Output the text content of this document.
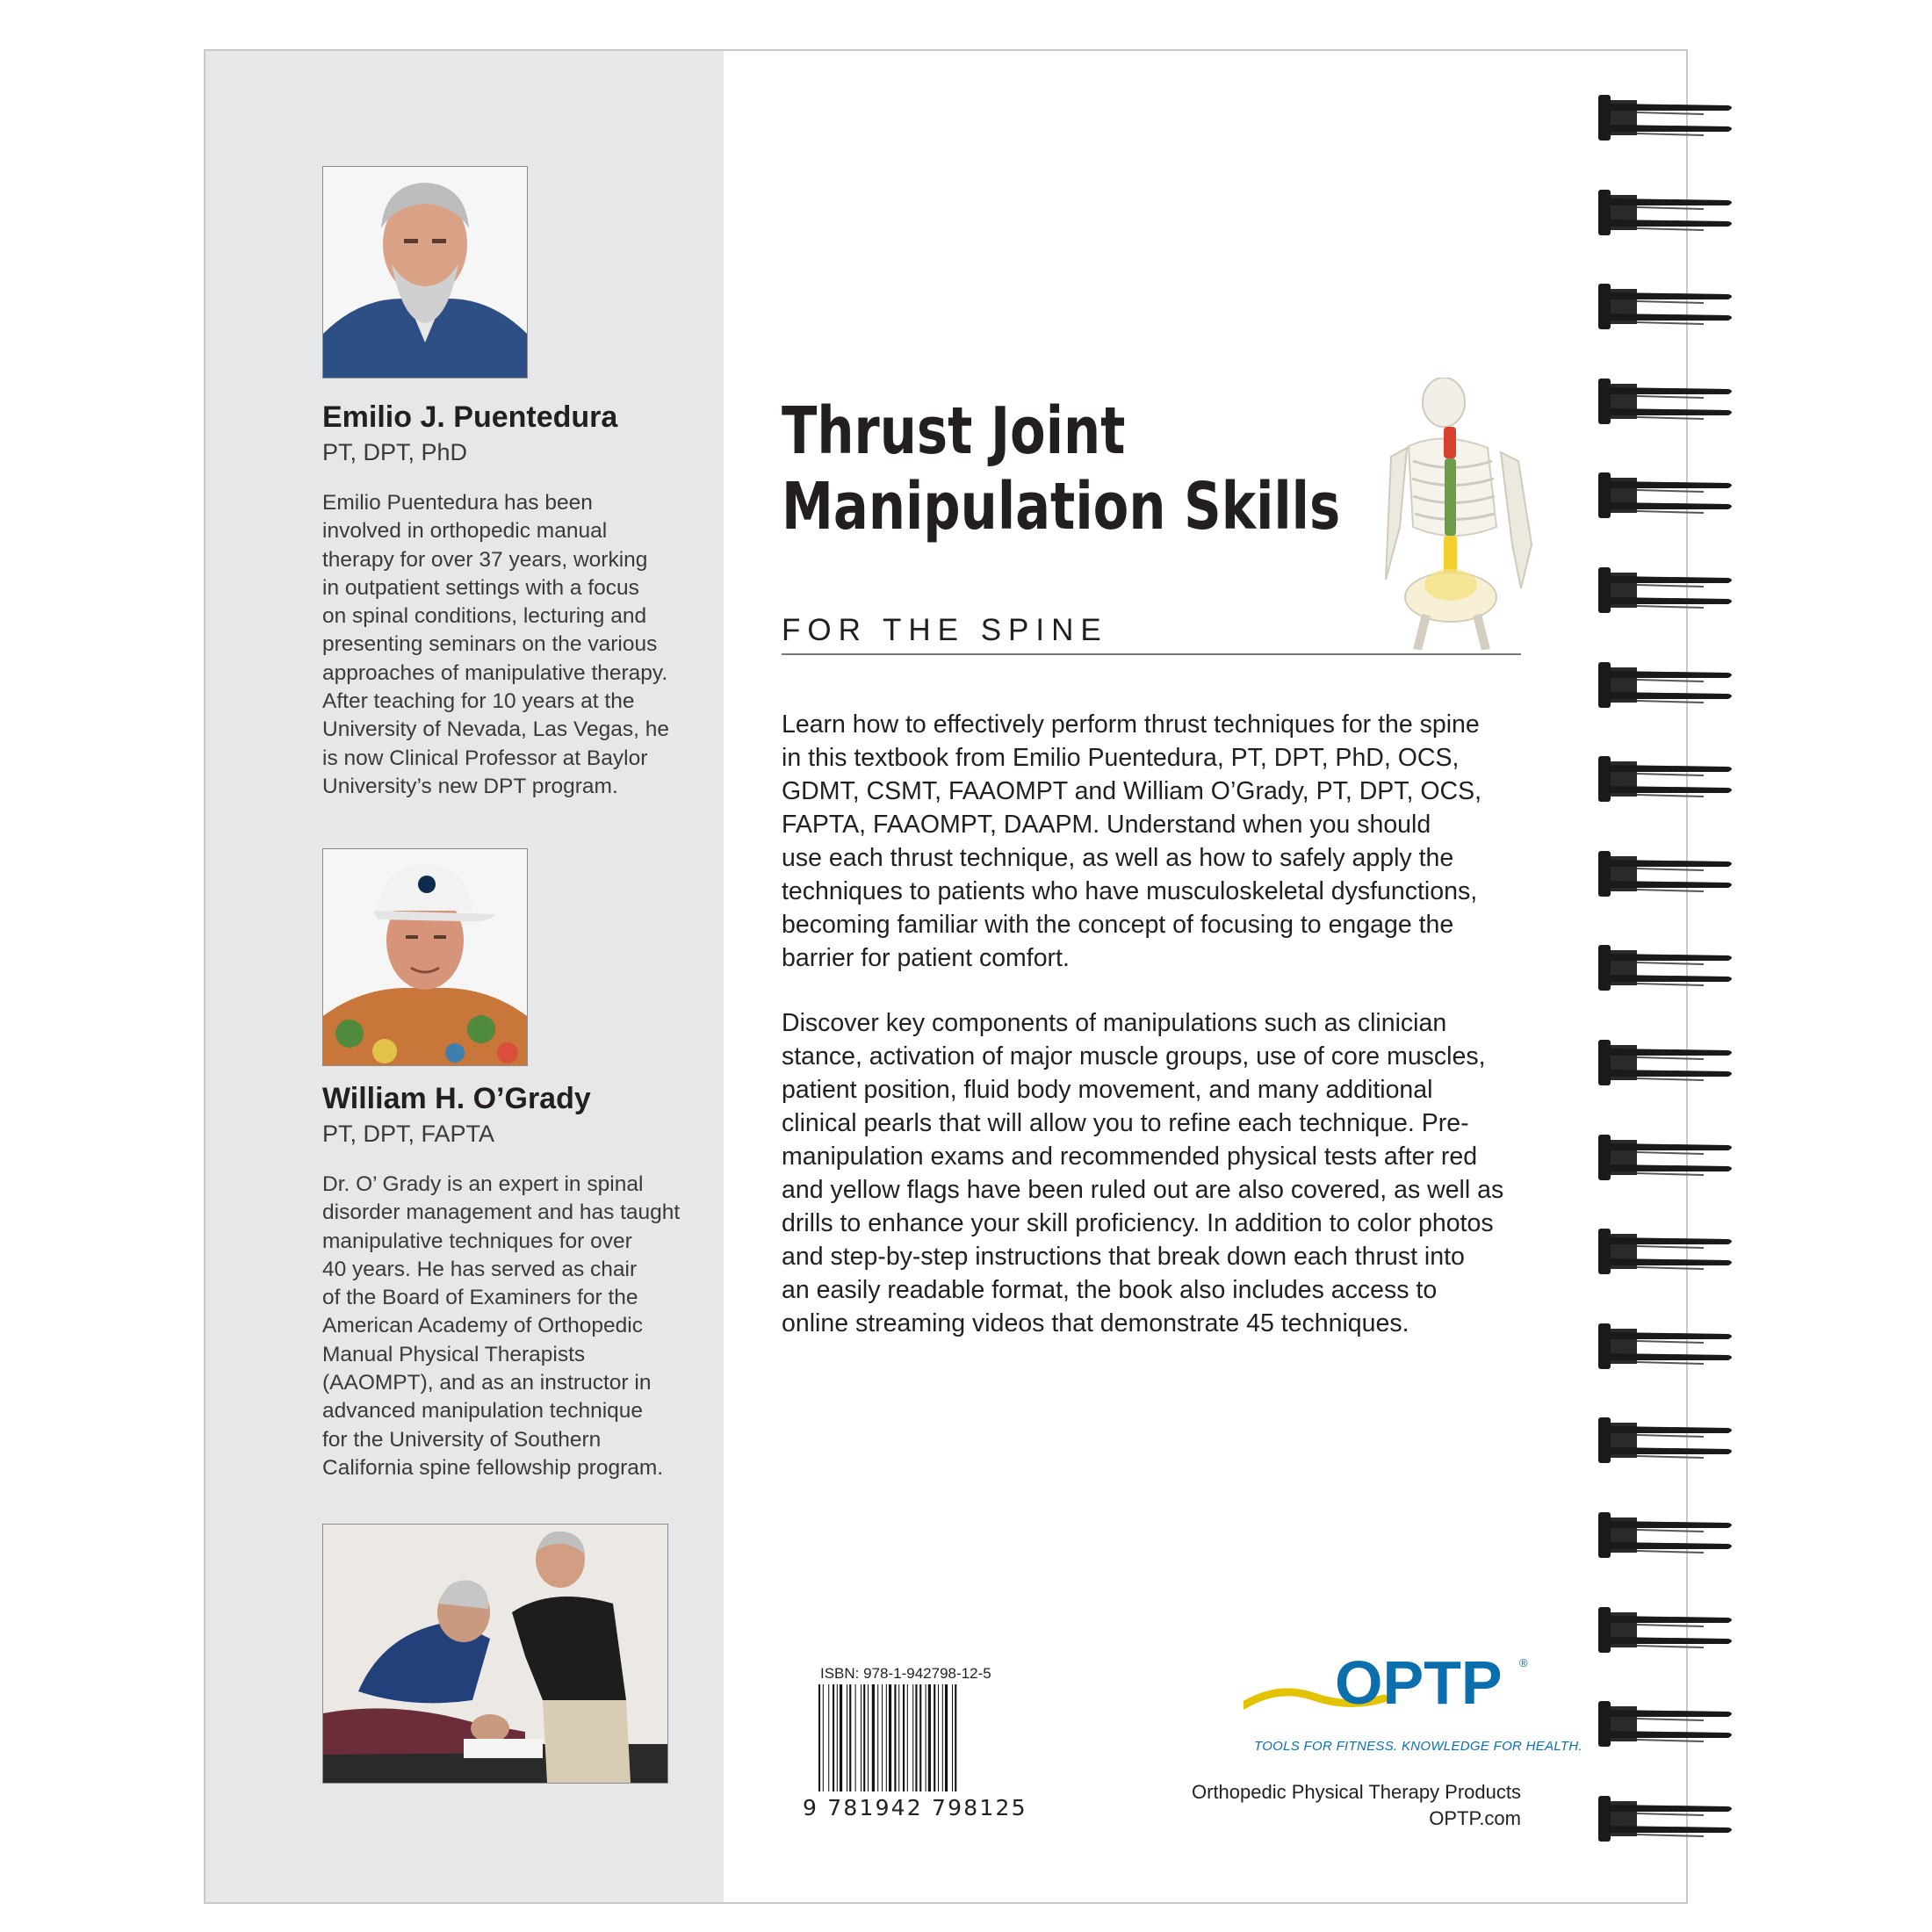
Emilio J. Puentedura
PT, DPT, PhD
Emilio Puentedura has been
involved in orthopedic manual
therapy for over 37 years, working
in outpatient settings with a focus
on spinal conditions, lecturing and
presenting seminars on the various
approaches of manipulative therapy.
After teaching for 10 years at the
University of Nevada, Las Vegas, he
is now Clinical Professor at Baylor
University’s new DPT program.
William H. O’Grady
PT, DPT, FAPTA
Dr. O’ Grady is an expert in spinal
disorder management and has taught
manipulative techniques for over
40 years. He has served as chair
of the Board of Examiners for the
American Academy of Orthopedic
Manual Physical Therapists
(AAOMPT), and as an instructor in
advanced manipulation technique
for the University of Southern
California spine fellowship program.
Thrust Joint
Manipulation Skills
FOR THE SPINE
Learn how to effectively perform thrust techniques for the spine
in this textbook from Emilio Puentedura, PT, DPT, PhD, OCS,
GDMT, CSMT, FAAOMPT and William O’Grady, PT, DPT, OCS,
FAPTA, FAAOMPT, DAAPM. Understand when you should
use each thrust technique, as well as how to safely apply the
techniques to patients who have musculoskeletal dysfunctions,
becoming familiar with the concept of focusing to engage the
barrier for patient comfort.
Discover key components of manipulations such as clinician
stance, activation of major muscle groups, use of core muscles,
patient position, fluid body movement, and many additional
clinical pearls that will allow you to refine each technique. Pre-
manipulation exams and recommended physical tests after red
and yellow flags have been ruled out are also covered, as well as
drills to enhance your skill proficiency. In addition to color photos
and step-by-step instructions that break down each thrust into
an easily readable format, the book also includes access to
online streaming videos that demonstrate 45 techniques.
ISBN: 978-1-942798-12-5
9 781942 798125
OPTP ®
TOOLS FOR FITNESS. KNOWLEDGE FOR HEALTH.
Orthopedic Physical Therapy Products
OPTP.com
